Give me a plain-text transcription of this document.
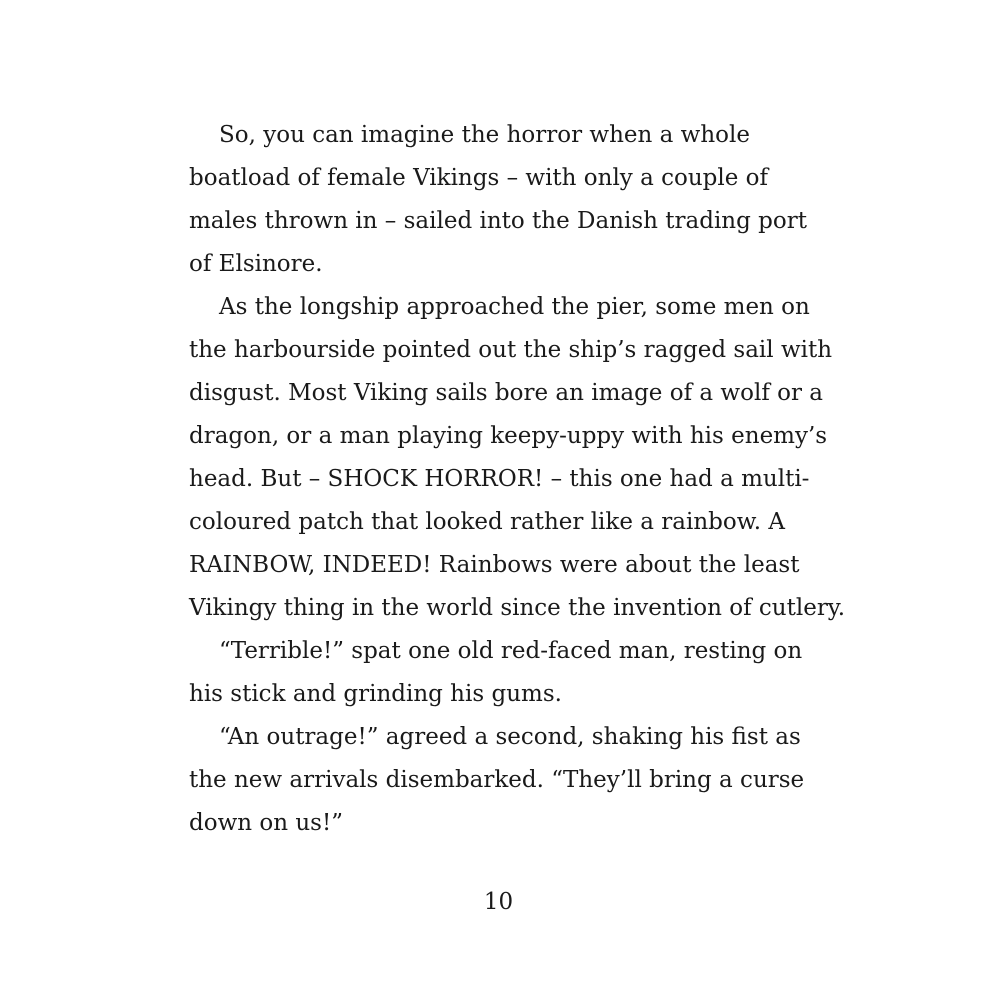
So, you can imagine the horror when a whole
boatload of female Vikings – with only a couple of
males thrown in – sailed into the Danish trading port
of Elsinore.
As the longship approached the pier, some men on
the harbourside pointed out the ship’s ragged sail with
disgust. Most Viking sails bore an image of a wolf or a
dragon, or a man playing keepy-uppy with his enemy’s
head. But – SHOCK HORROR! – this one had a multi-
coloured patch that looked rather like a rainbow. A
RAINBOW, INDEED! Rainbows were about the least
Vikingy thing in the world since the invention of cutlery.
“Terrible!” spat one old red-faced man, resting on
his stick and grinding his gums.
“An outrage!” agreed a second, shaking his fist as
the new arrivals disembarked. “They’ll bring a curse
down on us!”
10
